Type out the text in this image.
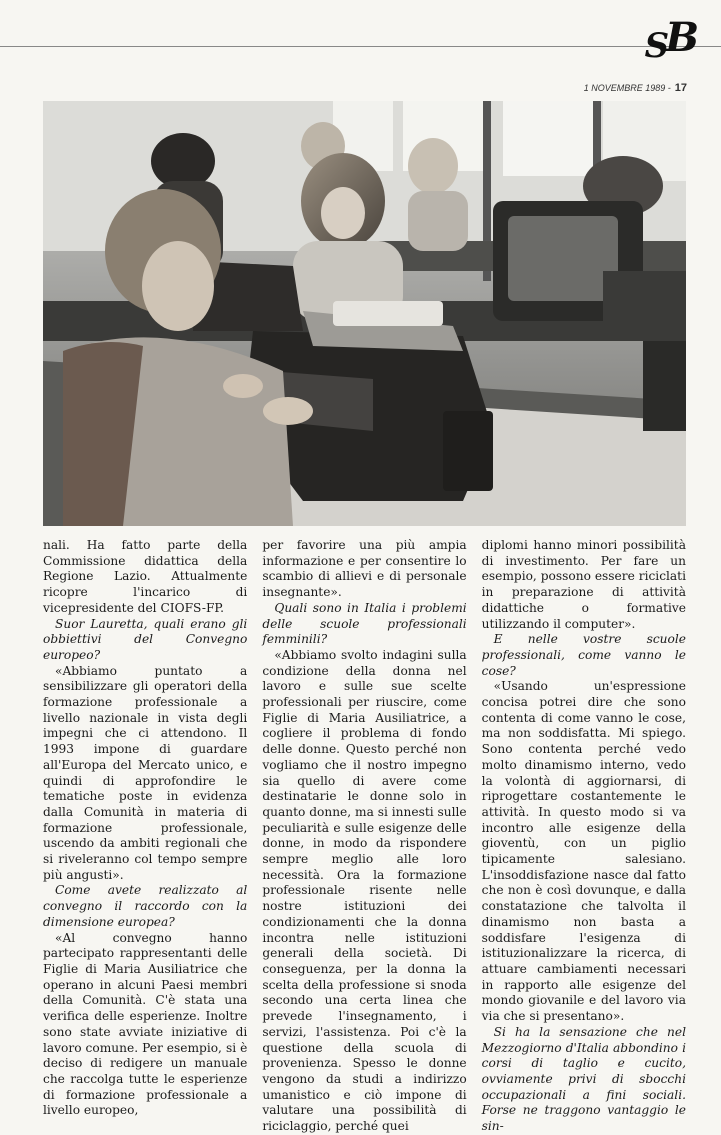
SB
1 NOVEMBRE 1989 - 17

nali. Ha fatto parte della Commissione didattica della Regione Lazio. Attualmente ricopre l'incarico di vicepresidente del CIOFS-FP.

Suor Lauretta, quali erano gli obbiettivi del Convegno europeo?

«Abbiamo puntato a sensibilizzare gli operatori della formazione professionale a livello nazionale in vista degli impegni che ci attendono. Il 1993 impone di guardare all'Europa del Mercato unico, e quindi di approfondire le tematiche poste in evidenza dalla Comunità in materia di formazione professionale, uscendo da ambiti regionali che si riveleranno col tempo sempre più angusti».

Come avete realizzato al convegno il raccordo con la dimensione europea?

«Al convegno hanno partecipato rappresentanti delle Figlie di Maria Ausiliatrice che operano in alcuni Paesi membri della Comunità. C'è stata una verifica delle esperienze. Inoltre sono state avviate iniziative di lavoro comune. Per esempio, si è deciso di redigere un manuale che raccolga tutte le esperienze di formazione professionale a livello europeo,

per favorire una più ampia informazione e per consentire lo scambio di allievi e di personale insegnante».

Quali sono in Italia i problemi delle scuole professionali femminili?

«Abbiamo svolto indagini sulla condizione della donna nel lavoro e sulle sue scelte professionali per riuscire, come Figlie di Maria Ausiliatrice, a cogliere il problema di fondo delle donne. Questo perché non vogliamo che il nostro impegno sia quello di avere come destinatarie le donne solo in quanto donne, ma si innesti sulle peculiarità e sulle esigenze delle donne, in modo da rispondere sempre meglio alle loro necessità. Ora la formazione professionale risente nelle nostre istituzioni dei condizionamenti che la donna incontra nelle istituzioni generali della società. Di conseguenza, per la donna la scelta della professione si snoda secondo una certa linea che prevede l'insegnamento, i servizi, l'assistenza. Poi c'è la questione della scuola di provenienza. Spesso le donne vengono da studi a indirizzo umanistico e ciò impone di valutare una possibilità di riciclaggio, perché quei

diplomi hanno minori possibilità di investimento. Per fare un esempio, possono essere riciclati in preparazione di attività didattiche o formative utilizzando il computer».

E nelle vostre scuole professionali, come vanno le cose?

«Usando un'espressione concisa potrei dire che sono contenta di come vanno le cose, ma non soddisfatta. Mi spiego. Sono contenta perché vedo molto dinamismo interno, vedo la volontà di aggiornarsi, di riprogettare costantemente le attività. In questo modo si va incontro alle esigenze della gioventù, con un piglio tipicamente salesiano. L'insoddisfazione nasce dal fatto che non è così dovunque, e dalla constatazione che talvolta il dinamismo non basta a soddisfare l'esigenza di istituzionalizzare la ricerca, di attuare cambiamenti necessari in rapporto alle esigenze del mondo giovanile e del lavoro via via che si presentano».

Si ha la sensazione che nel Mezzogiorno d'Italia abbondino i corsi di taglio e cucito, ovviamente privi di sbocchi occupazionali a fini sociali. Forse ne traggono vantaggio le sin-
